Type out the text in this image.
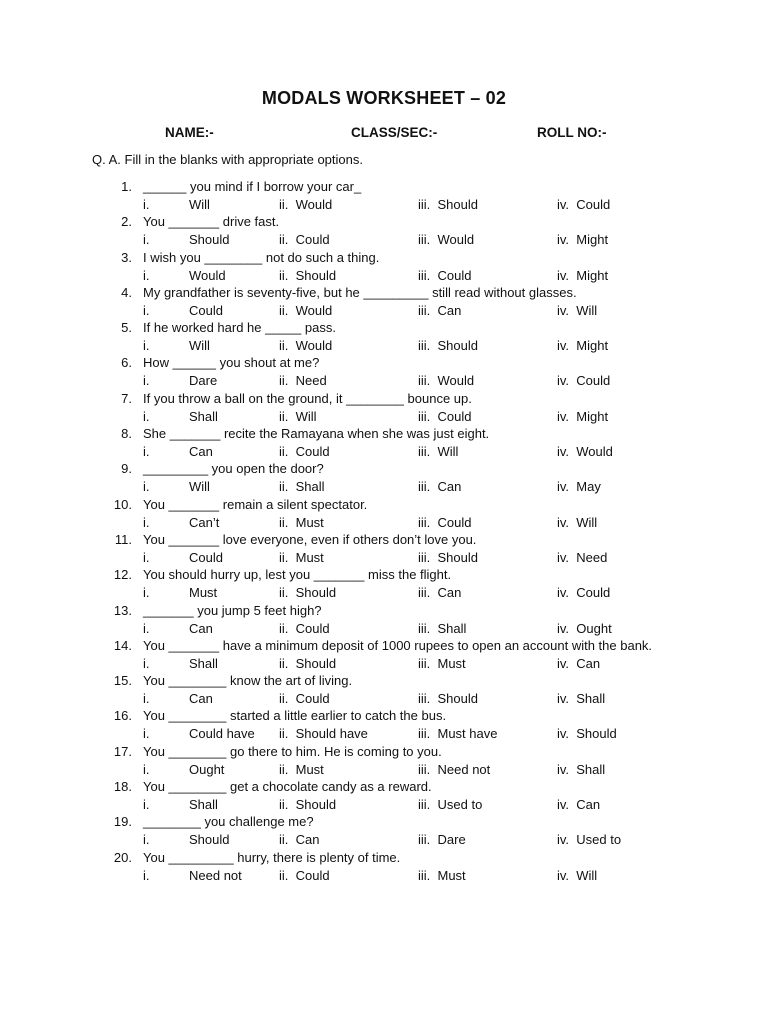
MODALS WORKSHEET – 02
NAME:-	CLASS/SEC:-	ROLL NO:-
Q. A. Fill in the blanks with appropriate options.
1. ______ you mind if I borrow your car_
i.	Will	ii.  Would	iii.  Should	iv.  Could
2. You _______ drive fast.
i.	Should	ii.  Could	iii.  Would	iv.  Might
3. I wish you ________ not do such a thing.
i.	Would	ii.  Should	iii.  Could	iv.  Might
4. My grandfather is seventy-five, but he _________ still read without glasses.
i.	Could	ii.  Would	iii.  Can	iv.  Will
5. If he worked hard he _____ pass.
i.	Will	ii.  Would	iii.  Should	iv.  Might
6. How ______ you shout at me?
i.	Dare	ii.  Need	iii.  Would	iv.  Could
7. If you throw a ball on the ground, it ________ bounce up.
i.	Shall	ii.  Will	iii.  Could	iv.  Might
8. She _______ recite the Ramayana when she was just eight.
i.	Can	ii.  Could	iii.  Will	iv.  Would
9. _________ you open the door?
i.	Will	ii.  Shall	iii.  Can	iv.  May
10. You _______ remain a silent spectator.
i.	Can’t	ii.  Must	iii.  Could	iv.  Will
11. You _______ love everyone, even if others don’t love you.
i.	Could	ii.  Must	iii.  Should	iv.  Need
12. You should hurry up, lest you _______ miss the flight.
i.	Must	ii.  Should	iii.  Can	iv.  Could
13. _______ you jump 5 feet high?
i.	Can	ii.  Could	iii.  Shall	iv.  Ought
14. You _______ have a minimum deposit of 1000 rupees to open an account with the bank.
i.	Shall	ii.  Should	iii.  Must	iv.  Can
15. You ________ know the art of living.
i.	Can	ii.  Could	iii.  Should	iv.  Shall
16. You ________ started a little earlier to catch the bus.
i.	Could have ii.  Should have	iii.  Must have	iv.  Should
17. You ________ go there to him. He is coming to you.
i.	Ought	ii.  Must	iii.  Need not	iv.  Shall
18. You ________ get a chocolate candy as a reward.
i.	Shall	ii.  Should	iii.  Used to	iv.  Can
19. ________ you challenge me?
i.	Should	ii.  Can	iii.  Dare	iv.  Used to
20. You _________ hurry, there is plenty of time.
i.	Need not	ii.  Could	iii.  Must	iv.  Will
